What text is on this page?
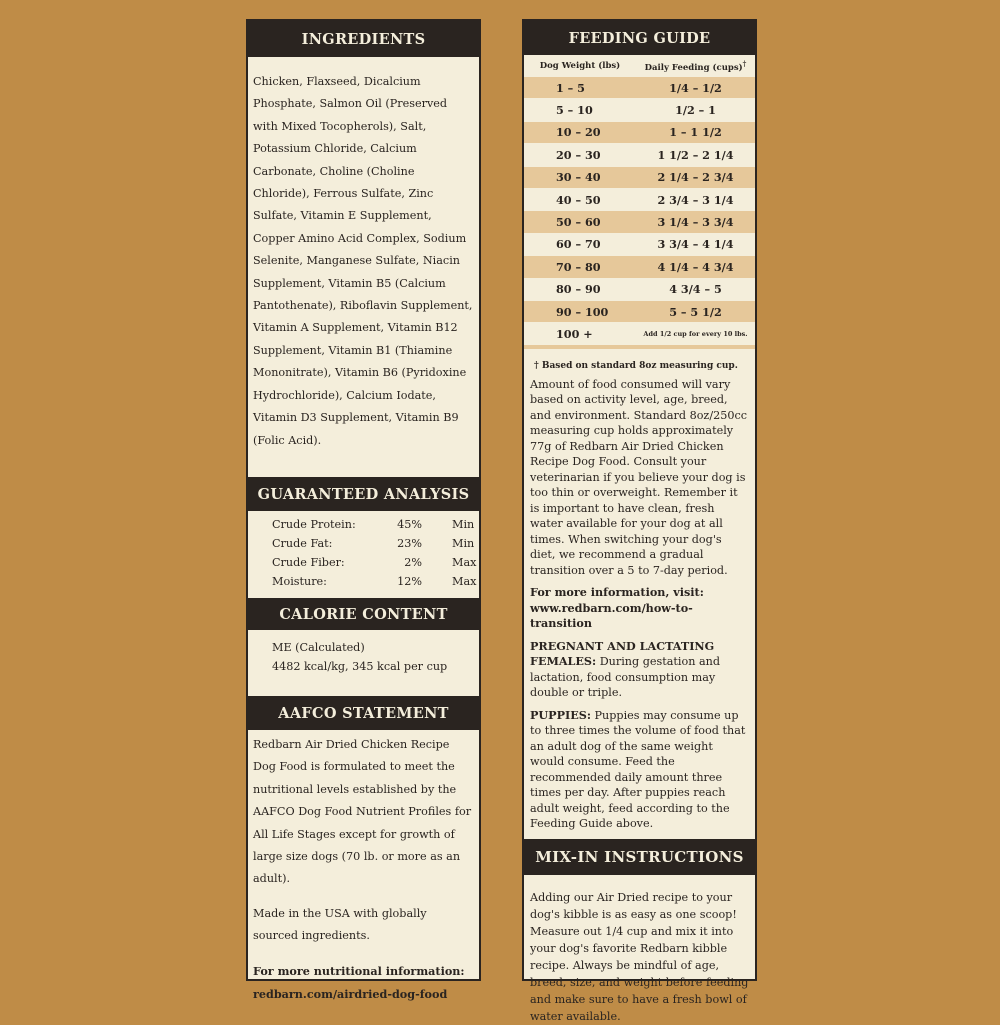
INGREDIENTS

Chicken, Flaxseed, Dicalcium Phosphate, Salmon Oil (Preserved with Mixed Tocopherols), Salt, Potassium Chloride, Calcium Carbonate, Choline (Choline Chloride), Ferrous Sulfate, Zinc Sulfate, Vitamin E Supplement, Copper Amino Acid Complex, Sodium Selenite, Manganese Sulfate, Niacin Supplement, Vitamin B5 (Calcium Pantothenate), Riboflavin Supplement, Vitamin A Supplement, Vitamin B12 Supplement, Vitamin B1 (Thiamine Mononitrate), Vitamin B6 (Pyridoxine Hydrochloride), Calcium Iodate, Vitamin D3 Supplement, Vitamin B9 (Folic Acid).

GUARANTEED ANALYSIS
Crude Protein:	45%	Min
Crude Fat:	23%	Min
Crude Fiber:	2%	Max
Moisture:	12%	Max
CALORIE CONTENT
ME (Calculated)
4482 kcal/kg, 345 kcal per cup
AAFCO STATEMENT

Redbarn Air Dried Chicken Recipe Dog Food is formulated to meet the nutritional levels established by the AAFCO Dog Food Nutrient Profiles for All Life Stages except for growth of large size dogs (70 lb. or more as an adult).

Made in the USA with globally sourced ingredients.

For more nutritional information:
redbarn.com/airdried-dog-food

FEEDING GUIDE
Dog Weight (lbs)	Daily Feeding (cups)†
1 – 5	1/4 – 1/2
5 – 10	1/2 – 1
10 – 20	1 – 1 1/2
20 – 30	1 1/2 – 2 1/4
30 – 40	2 1/4 – 2 3/4
40 – 50	2 3/4 – 3 1/4
50 – 60	3 1/4 – 3 3/4
60 – 70	3 3/4 – 4 1/4
70 – 80	4 1/4 – 4 3/4
80 – 90	4 3/4 – 5
90 – 100	5 – 5 1/2
100 +	Add 1/2 cup for every 10 lbs.
† Based on standard 8oz measuring cup.

Amount of food consumed will vary based on activity level, age, breed, and environment. Standard 8oz/250cc measuring cup holds approximately 77g of Redbarn Air Dried Chicken Recipe Dog Food. Consult your veterinarian if you believe your dog is too thin or overweight. Remember it is important to have clean, fresh water available for your dog at all times. When switching your dog's diet, we recommend a gradual transition over a 5 to 7-day period.

For more information, visit:
www.redbarn.com/how-to-transition

PREGNANT AND LACTATING FEMALES: During gestation and lactation, food consumption may double or triple.

PUPPIES: Puppies may consume up to three times the volume of food that an adult dog of the same weight would consume. Feed the recommended daily amount three times per day. After puppies reach adult weight, feed according to the Feeding Guide above.

MIX-IN INSTRUCTIONS
Adding our Air Dried recipe to your dog's kibble is as easy as one scoop! Measure out 1/4 cup and mix it into your dog's favorite Redbarn kibble recipe. Always be mindful of age, breed, size, and weight before feeding and make sure to have a fresh bowl of water available.
